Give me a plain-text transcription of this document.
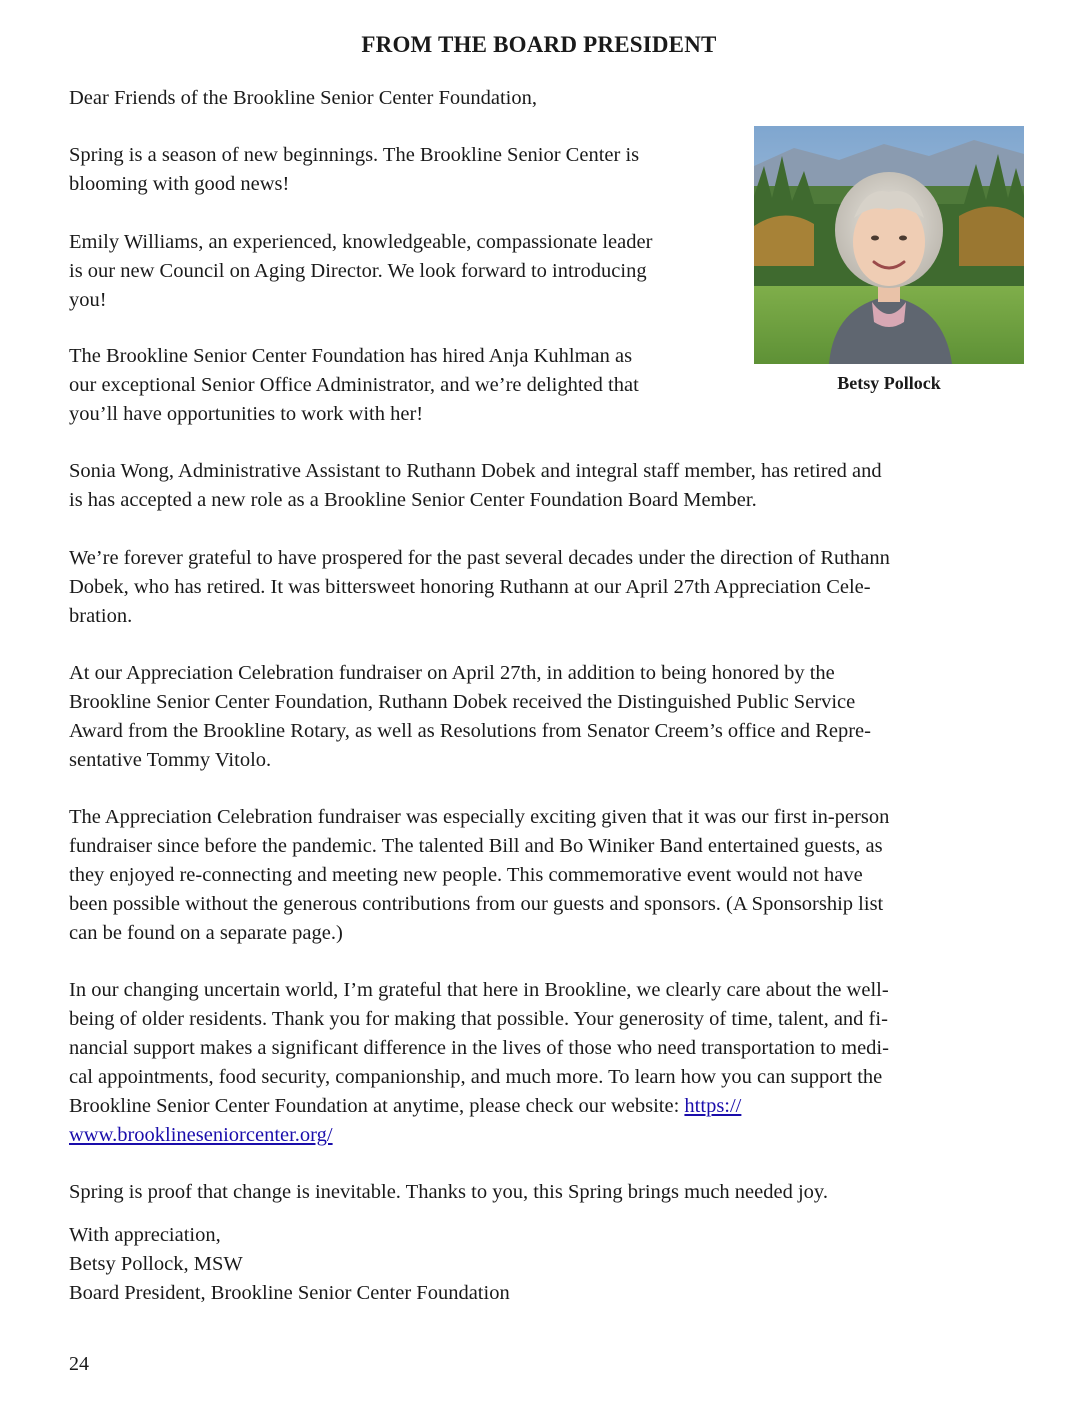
FROM THE BOARD PRESIDENT

Dear Friends of the Brookline Senior Center Foundation,

Spring is a season of new beginnings. The Brookline Senior Center is
blooming with good news!

Emily Williams, an experienced, knowledgeable, compassionate leader
is our new Council on Aging Director. We look forward to introducing
you!

The Brookline Senior Center Foundation has hired Anja Kuhlman as
our exceptional Senior Office Administrator, and we’re delighted that
you’ll have opportunities to work with her!

Betsy Pollock

Sonia Wong, Administrative Assistant to Ruthann Dobek and integral staff member, has retired and
is has accepted a new role as a Brookline Senior Center Foundation Board Member.

We’re forever grateful to have prospered for the past several decades under the direction of Ruthann
Dobek, who has retired. It was bittersweet honoring Ruthann at our April 27th Appreciation Cele-
bration.

At our Appreciation Celebration fundraiser on April 27th, in addition to being honored by the
Brookline Senior Center Foundation, Ruthann Dobek received the Distinguished Public Service
Award from the Brookline Rotary, as well as Resolutions from Senator Creem’s office and Repre-
sentative Tommy Vitolo.

The Appreciation Celebration fundraiser was especially exciting given that it was our first in-person
fundraiser since before the pandemic. The talented Bill and Bo Winiker Band entertained guests, as
they enjoyed re-connecting and meeting new people. This commemorative event would not have
been possible without the generous contributions from our guests and sponsors. (A Sponsorship list
can be found on a separate page.)

In our changing uncertain world, I’m grateful that here in Brookline, we clearly care about the well-
being of older residents. Thank you for making that possible. Your generosity of time, talent, and fi-
nancial support makes a significant difference in the lives of those who need transportation to medi-
cal appointments, food security, companionship, and much more. To learn how you can support the
Brookline Senior Center Foundation at anytime, please check our website: https://
www.brooklineseniorcenter.org/

Spring is proof that change is inevitable. Thanks to you, this Spring brings much needed joy.

With appreciation,
Betsy Pollock, MSW
Board President, Brookline Senior Center Foundation

24
